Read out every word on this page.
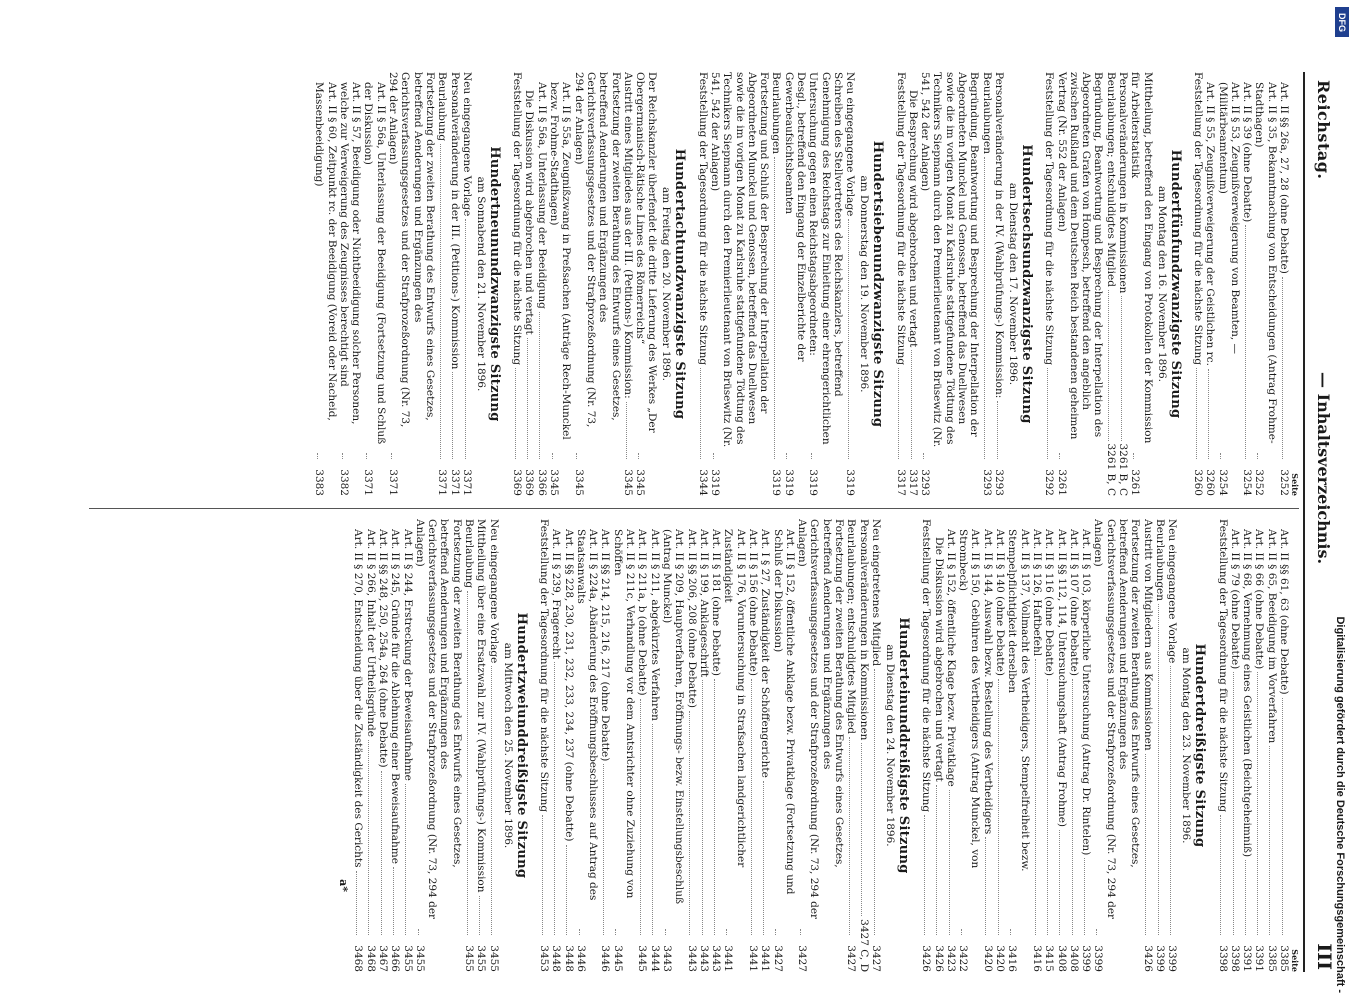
Reichstag.
— Inhaltsverzeichnis.
III
Seite
Art. II §§ 26a, 27, 28 (ohne Debatte)
3252
Art. II § 35, Bekanntmachung von Entscheidungen (Antrag Frohme-Stadthagen)
3252
Art. II § 39 (ohne Debatte)
3254
Art. II § 53, Zeugnißverweigerung von Beamten, — (Militärbeamtentum)
3254
Art. II § 55, Zeugnißverweigerung der Geistlichen rc.
3260
Feststellung der Tagesordnung für die nächste Sitzung
3260
Hundertfünfundzwanzigste Sitzung
am Montag den 16. November 1896.
Mittheilung, betreffend den Eingang von Protokollen der Kommission für Arbeiterstatistik
3261
Personalveränderungen in Kommissionen
3261 B, C
Beurlaubungen; entschuldigtes Mitglied
3261 B, C
Begründung, Beantwortung und Besprechung der Interpellation des Abgeordneten Grafen von Hompesch, betreffend den angeblich zwischen Rußland und dem Deutschen Reich bestandenen geheimen Vertrag (Nr. 552 der Anlagen)
3261
Feststellung der Tagesordnung für die nächste Sitzung
3292
Hundertsechsundzwanzigste Sitzung
am Dienstag den 17. November 1896.
Personalveränderung in der IV. (Wahlprüfungs-) Kommission:
3293
Beurlaubungen
3293
Begründung, Beantwortung und Besprechung der Interpellation der Abgeordneten Munckel und Genossen, betreffend das Duellwesen sowie die im vorigen Monat zu Karlsruhe stattgefundene Tödtung des Technikers Siepmann durch den Premierlieutenant von Brüsewitz (Nr. 541, 542 der Anlagen)
3293
Die Besprechung wird abgebrochen und vertagt
3317
Feststellung der Tagesordnung für die nächste Sitzung
3317
Hundertsiebenundzwanzigste Sitzung
am Donnerstag den 19. November 1896.
Neu eingegangene Vorlage
3319
Schreiben des Stellvertreters des Reichskanzlers, betreffend Genehmigung des Reichstags zur Einleitung einer ehrengerichtlichen Untersuchung gegen einen Reichstagsabgeordneten:
3319
Desgl., betreffend den Eingang der Einzelberichte der Gewerbeaufsichtsbeamten
3319
Beurlaubungen
3319
Fortsetzung und Schluß der Besprechung der Interpellation der Abgeordneten Munckel und Genossen, betreffend das Duellwesen sowie die im vorigen Monat zu Karlsruhe stattgefundene Tödtung des Technikers Siepmann durch den Premierlieutenant von Brüsewitz (Nr. 541, 542 der Anlagen)
3319
Feststellung der Tagesordnung für die nächste Sitzung
3344
Hundertachtundzwanzigste Sitzung
am Freitag den 20. November 1896.
Der Reichskanzler überfendet die dritte Lieferung des Werkes „Der Obergermanisch-Rätische Limes des Römerreichs“
3345
Austritt eines Mitgliedes aus der III. (Petitions-) Kommission:
3345
Fortsetzung der zweiten Berathung des Entwurfs eines Gesetzes, betreffend Aenderungen und Ergänzungen des Gerichtsverfassungsgesetzes und der Strafprozeßordnung (Nr. 73, 294 der Anlagen)
3345
Art. II § 55a, Zeugnißzwang in Preßsachen (Anträge Rech-Munckel bezw. Frohme-Stadthagen)
3345
Art. II § 56a, Unterlassung der Beeidigung
3366
Die Diskussion wird abgebrochen und vertagt
3369
Feststellung der Tagesordnung für die nächste Sitzung
3369
Hundertneunundzwanzigste Sitzung
am Sonnabend den 21. November 1896.
Neu eingegangene Vorlage
3371
Personalveränderung in der III. (Petitions-) Kommission
3371
Beurlaubung
3371
Fortsetzung der zweiten Berathung des Entwurfs eines Gesetzes, betreffend Aenderungen und Ergänzungen des Gerichtsverfassungsgesetzes und der Strafprozeßordnung (Nr. 73, 294 der Anlagen)
3371
Art. II § 56a, Unterlassung der Beeidigung (Fortsetzung und Schluß der Diskussion)
3371
Art. II § 57, Beeidigung oder Nichtbeeidigung solcher Personen, welche zur Verweigerung des Zeugnisses berechtigt sind
3382
Art. II § 60, Zeitpunkt rc. der Beeidigung (Voreid oder Nacheid, Massenbeeidigung)
3383
Seite
Art. II §§ 61, 63 (ohne Debatte)
3385
Art. II § 65, Beeidigung im Vorverfahren
3385
Art. II § 66 (ohne Debatte)
3391
Art. II § 68, Vernehmung eines Geistlichen (Beichtgeheimniß)
3391
Art. II § 79 (ohne Debatte)
3398
Feststellung der Tagesordnung für die nächste Sitzung
3398
Hundertdreißigste Sitzung
am Montag den 23. November 1896.
Neu eingegangene Vorlage
3399
Beurlaubungen
3399
Austritt von Mitgliedern aus Kommissionen
3426
Fortsetzung der zweiten Berathung des Entwurfs eines Gesetzes, betreffend Aenderungen und Ergänzungen des Gerichtsverfassungsgesetzes und der Strafprozeßordnung (Nr. 73, 294 der Anlagen)
3399
Art. II § 103, körperliche Untersuchung (Antrag Dr. Rintelen)
3399
Art. II § 107 (ohne Debatte)
3408
Art. II §§ 112, 114, Untersuchungshaft (Antrag Frohme)
3408
Art. II § 116 (ohne Debatte)
3415
Art. II § 126, Haftbefehl
3416
Art. II § 137, Vollmacht des Vertheidigers, Stempelfreiheit bezw. Stempelpflichtigkeit derselben
3416
Art. II § 140 (ohne Debatte)
3420
Art. II § 144, Auswahl bezw. Bestellung des Vertheidigers
3420
Art. II § 150, Gebühren des Vertheidigers (Antrag Munckel, von Strombeck)
3422
Art. II § 152, öffentliche Klage bezw. Privatklage
3423
Die Diskussion wird abgebrochen und vertagt
3426
Feststellung der Tagesordnung für die nächste Sitzung
3426
Hunderteinunddreißigste Sitzung
am Dienstag den 24. November 1896.
Neu eingetretenes Mitglied
3427
Personalveränderungen in Kommissionen
3427 C, D
Beurlaubungen; entschuldigtes Mitglied
3427
Fortsetzung der zweiten Berathung des Entwurfs eines Gesetzes, betreffend Aenderungen und Ergänzungen des Gerichtsverfassungsgesetzes und der Strafprozeßordnung (Nr. 73, 294 der Anlagen)
3427
Art. II § 152, öffentliche Anklage bezw. Privatklage (Fortsetzung und Schluß der Diskussion)
3427
Art. I § 27, Zuständigkeit der Schöffengerichte
3441
Art. II § 156 (ohne Debatte)
3441
Art. II § 176, Voruntersuchung in Strafsachen landgerichtlicher Zuständigkeit
3441
Art. II § 181 (ohne Debatte)
3443
Art. II § 199, Anklageschrift
3443
Art. II §§ 206, 208 (ohne Debatte)
3443
Art. II § 209, Hauptverfahren, Eröffnungs- bezw. Einstellungsbeschluß (Antrag Munckel)
3443
Art. II § 211, abgekürztes Verfahren
3444
Art. II § 211a, b (ohne Debatte)
3445
Art. II § 211c, Verhandlung vor dem Amtsrichter ohne Zuziehung von Schöffen
3445
Art. II §§ 214, 215, 216, 217 (ohne Debatte)
3446
Art. II § 224a, Abänderung des Eröffnungsbeschlusses auf Antrag des Staatsanwalts
3446
Art. II §§ 228, 230, 231, 232, 233, 234, 237 (ohne Debatte)
3448
Art. II § 239, Fragerecht
3448
Feststellung der Tagesordnung für die nächste Sitzung
3453
Hundertzweiunddreißigste Sitzung
am Mittwoch den 25. November 1896.
Neu eingegangene Vorlage
3455
Mittheilung über eine Ersatzwahl zur IV. (Wahlprüfungs-) Kommission
3455
Beurlaubung
3455
Fortsetzung der zweiten Berathung des Entwurfs eines Gesetzes, betreffend Aenderungen und Ergänzungen des Gerichtsverfassungsgesetzes und der Strafprozeßordnung (Nr. 73, 294 der Anlagen)
3455
Art. II § 244, Erstreckung der Beweisaufnahme
3455
Art. II § 245, Gründe für die Ablehnung einer Beweisaufnahme
3466
Art. II §§ 248, 250, 254a, 264 (ohne Debatte)
3467
Art. II § 266, Inhalt der Urtheilsgründe
3468
Art. II § 270, Entscheidung über die Zuständigkeit des Gerichts
3468
a*	Digitalisierung gefördert durch die Deutsche Forschungsgemeinschaft -
DFG
